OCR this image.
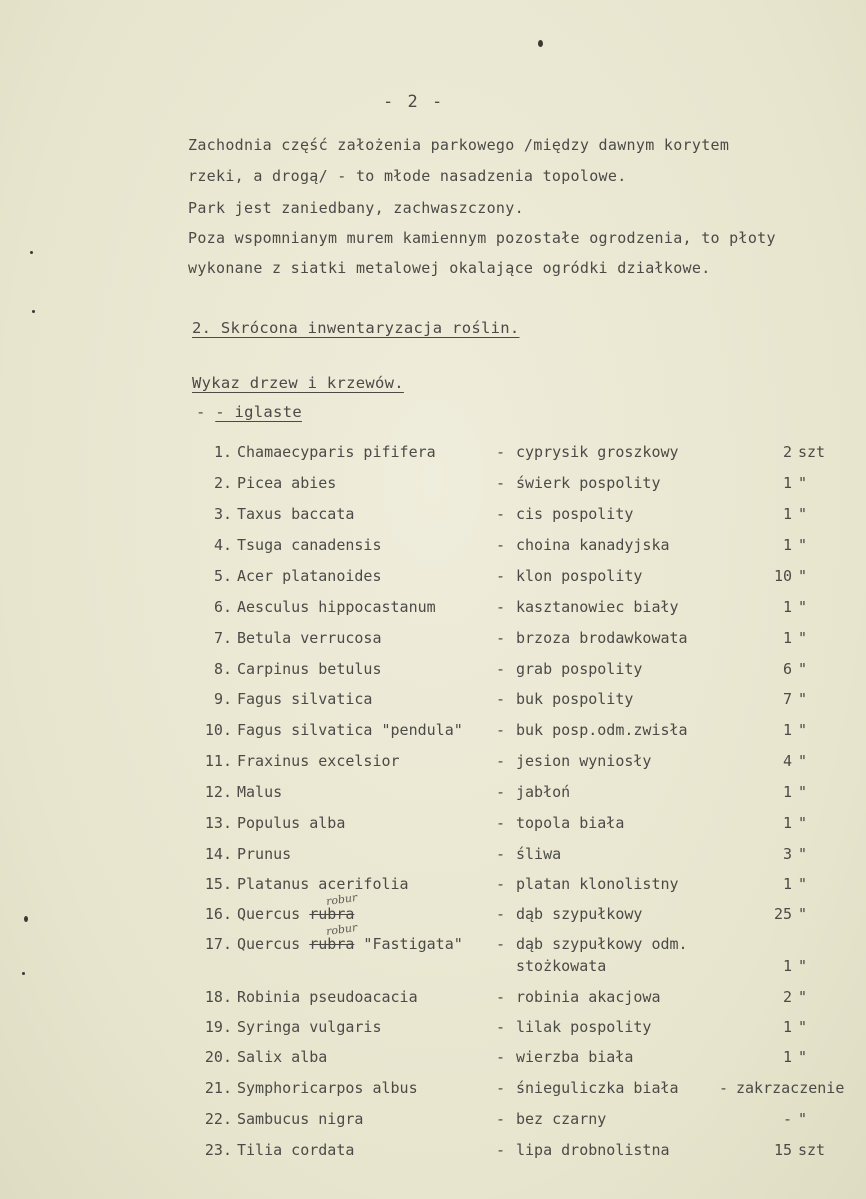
- 2 -
Zachodnia część założenia parkowego /między dawnym korytem
rzeki, a drogą/ - to młode nasadzenia topolowe.
Park jest zaniedbany, zachwaszczony.
Poza wspomnianym murem kamiennym pozostałe ogrodzenia, to płoty
wykonane z siatki metalowej okalające ogródki działkowe.
2. Skrócona inwentaryzacja roślin.
Wykaz drzew i krzewów.
- - iglaste
1. Chamaecyparis pififera	- cyprysik groszkowy	2 szt
2. Picea abies	- świerk pospolity	1 "
3. Taxus baccata	- cis pospolity	1 "
4. Tsuga canadensis	- choina kanadyjska	1 "
5. Acer platanoides	- klon pospolity	10 "
6. Aesculus hippocastanum	- kasztanowiec biały	1 "
7. Betula verrucosa	- brzoza brodawkowata	1 "
8. Carpinus betulus	- grab pospolity	6 "
9. Fagus silvatica	- buk pospolity	7 "
10. Fagus silvatica "pendula" - buk posp.odm.zwisła	1 "
11. Fraxinus excelsior	- jesion wyniosły	4 "
12. Malus	- jabłoń	1 "
13. Populus alba	- topola biała	1 "
14. Prunus	- śliwa	3 "
15. Platanus acerifolia	- platan klonolistny	1 "
16. Quercus rubra	- dąb szypułkowy	25 "
17. Quercus rubra "Fastigata" - dąb szypułkowy odm.
stożkowata	1 "
18. Robinia pseudoacacia	- robinia akacjowa	2 "
19. Syringa vulgaris	- lilak pospolity	1 "
20. Salix alba	- wierzba biała	1 "
21. Symphoricarpos albus	- śnieguliczka biała	- zakrzaczenie
22. Sambucus nigra	- bez czarny	- "
23. Tilia cordata	- lipa drobnolistna	15 szt
robur
robur
